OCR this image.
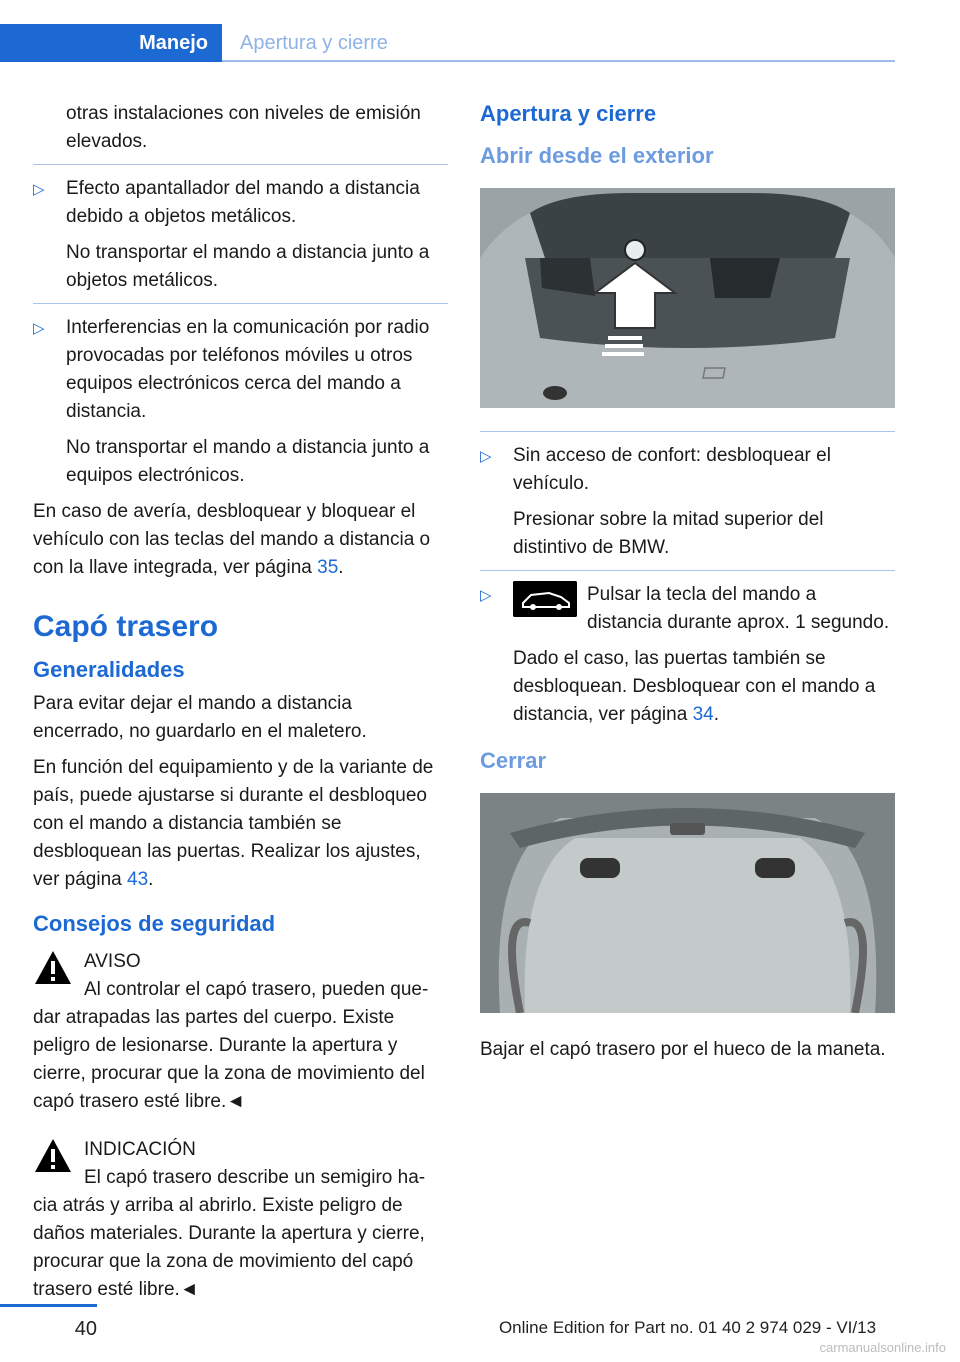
Manejo	Apertura y cierre

otras instalaciones con niveles de emisión elevados.

▷ Efecto apantallador del mando a distancia debido a objetos metálicos.

No transportar el mando a distancia junto a objetos metálicos.

▷ Interferencias en la comunicación por radio provocadas por teléfonos móviles u otros equipos electrónicos cerca del mando a distancia.

No transportar el mando a distancia junto a equipos electrónicos.

En caso de avería, desbloquear y bloquear el vehículo con las teclas del mando a distancia o con la llave integrada, ver página 35.

Capó trasero
Generalidades

Para evitar dejar el mando a distancia encerrado, no guardarlo en el maletero.

En función del equipamiento y de la variante de país, puede ajustarse si durante el desbloqueo con el mando a distancia también se desbloquean las puertas. Realizar los ajustes, ver página 43.

Consejos de seguridad

AVISO

Al controlar el capó trasero, pueden que-

dar atrapadas las partes del cuerpo. Existe peligro de lesionarse. Durante la apertura y cierre, procurar que la zona de movimiento del capó trasero esté libre.◄

INDICACIÓN

El capó trasero describe un semigiro ha-

cia atrás y arriba al abrirlo. Existe peligro de daños materiales. Durante la apertura y cierre, procurar que la zona de movimiento del capó trasero esté libre.◄

Apertura y cierre
Abrir desde el exterior
▷ Sin acceso de confort: desbloquear el vehículo.

Presionar sobre la mitad superior del distintivo de BMW.

▷	Pulsar la tecla del mando a distancia durante aprox. 1 segundo.

Dado el caso, las puertas también se desbloquean. Desbloquear con el mando a distancia, ver página 34.

Cerrar

Bajar el capó trasero por el hueco de la maneta.

40	Online Edition for Part no. 01 40 2 974 029 - VI/13
carmanualsonline.info
